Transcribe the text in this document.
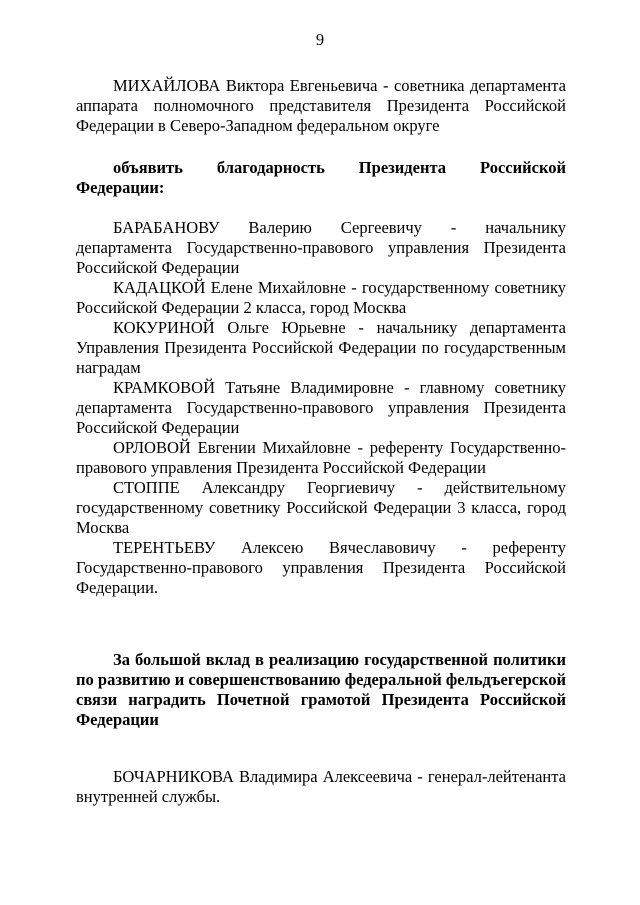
9

МИХАЙЛОВА Виктора Евгеньевича - советника департамента аппарата полномочного представителя Президента Российской Федерации в Северо-Западном федеральном округе

объявить благодарность Президента Российской Федерации:

БАРАБАНОВУ Валерию Сергеевичу - начальнику департамента Государственно-правового управления Президента Российской Федерации

КАДАЦКОЙ Елене Михайловне - государственному советнику Российской Федерации 2 класса, город Москва

КОКУРИНОЙ Ольге Юрьевне - начальнику департамента Управления Президента Российской Федерации по государственным наградам

КРАМКОВОЙ Татьяне Владимировне - главному советнику департамента Государственно-правового управления Президента Российской Федерации

ОРЛОВОЙ Евгении Михайловне - референту Государственно-правового управления Президента Российской Федерации

СТОППЕ Александру Георгиевичу - действительному государственному советнику Российской Федерации 3 класса, город Москва

ТЕРЕНТЬЕВУ Алексею Вячеславовичу - референту Государственно-правового управления Президента Российской Федерации.

За большой вклад в реализацию государственной политики по развитию и совершенствованию федеральной фельдъегерской связи наградить Почетной грамотой Президента Российской Федерации

БОЧАРНИКОВА Владимира Алексеевича - генерал-лейтенанта внутренней службы.
